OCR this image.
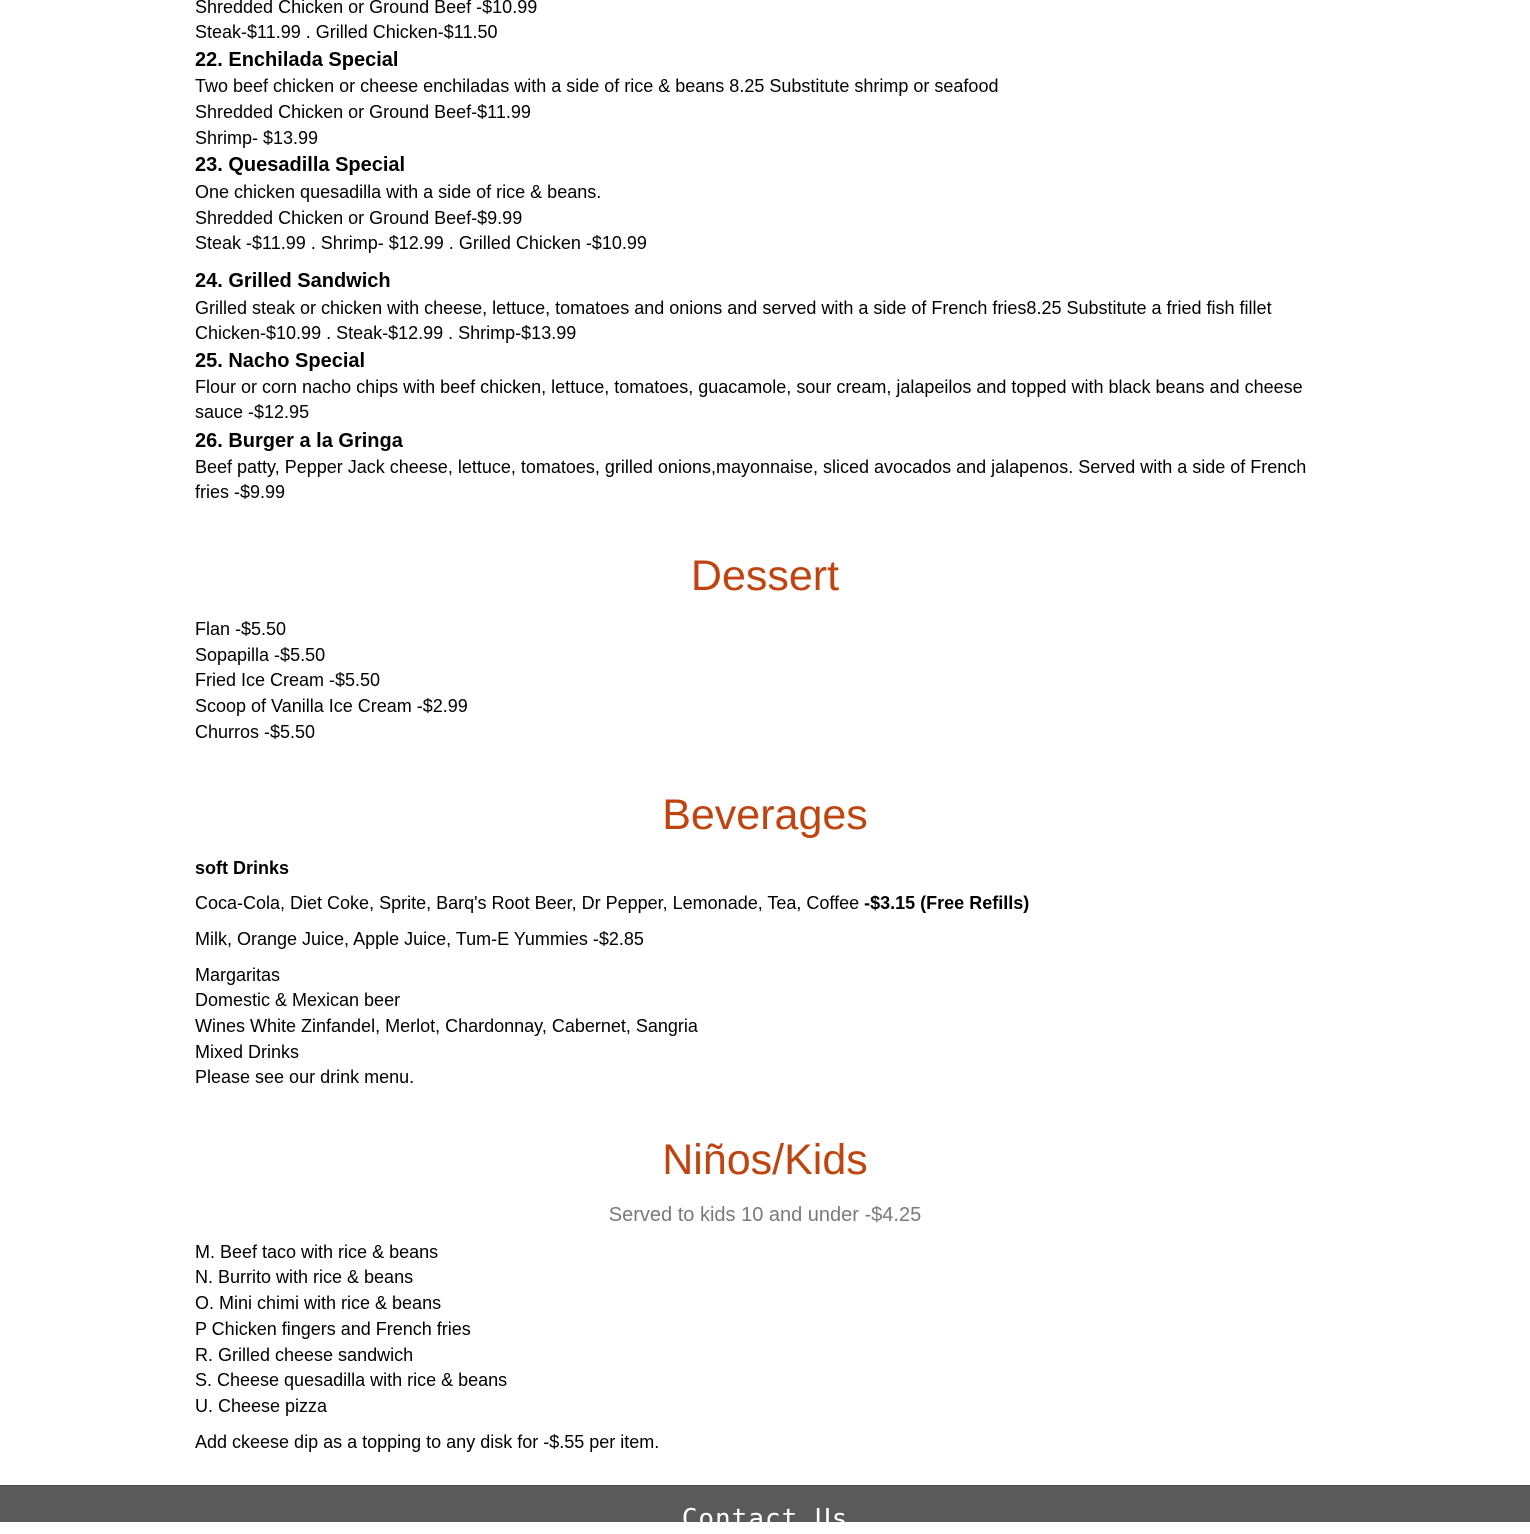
Shredded Chicken or Ground Beef -$10.99
Steak-$11.99 . Grilled Chicken-$11.50
22. Enchilada Special
Two beef chicken or cheese enchiladas with a side of rice & beans 8.25 Substitute shrimp or seafood
Shredded Chicken or Ground Beef-$11.99
Shrimp- $13.99
23. Quesadilla Special
One chicken quesadilla with a side of rice & beans.
Shredded Chicken or Ground Beef-$9.99
Steak -$11.99 . Shrimp- $12.99 . Grilled Chicken -$10.99
24. Grilled Sandwich
Grilled steak or chicken with cheese, lettuce, tomatoes and onions and served with a side of French fries8.25 Substitute a fried fish fillet
Chicken-$10.99 . Steak-$12.99 . Shrimp-$13.99
25. Nacho Special
Flour or corn nacho chips with beef chicken, lettuce, tomatoes, guacamole, sour cream, jalapeilos and topped with black beans and cheese sauce -$12.95
26. Burger a la Gringa
Beef patty, Pepper Jack cheese, lettuce, tomatoes, grilled onions,mayonnaise, sliced avocados and jalapenos. Served with a side of French fries -$9.99
Dessert
Flan -$5.50
Sopapilla -$5.50
Fried Ice Cream -$5.50
Scoop of Vanilla Ice Cream -$2.99
Churros -$5.50
Beverages
soft Drinks
Coca-Cola, Diet Coke, Sprite, Barq's Root Beer, Dr Pepper, Lemonade, Tea, Coffee -$3.15 (Free Refills)
Milk, Orange Juice, Apple Juice, Tum-E Yummies -$2.85
Margaritas
Domestic & Mexican beer
Wines White Zinfandel, Merlot, Chardonnay, Cabernet, Sangria
Mixed Drinks
Please see our drink menu.
Niños/Kids
Served to kids 10 and under -$4.25
M. Beef taco with rice & beans
N. Burrito with rice & beans
O. Mini chimi with rice & beans
P Chicken fingers and French fries
R. Grilled cheese sandwich
S. Cheese quesadilla with rice & beans
U. Cheese pizza
Add ckeese dip as a topping to any disk for -$.55 per item.
Contact Us
